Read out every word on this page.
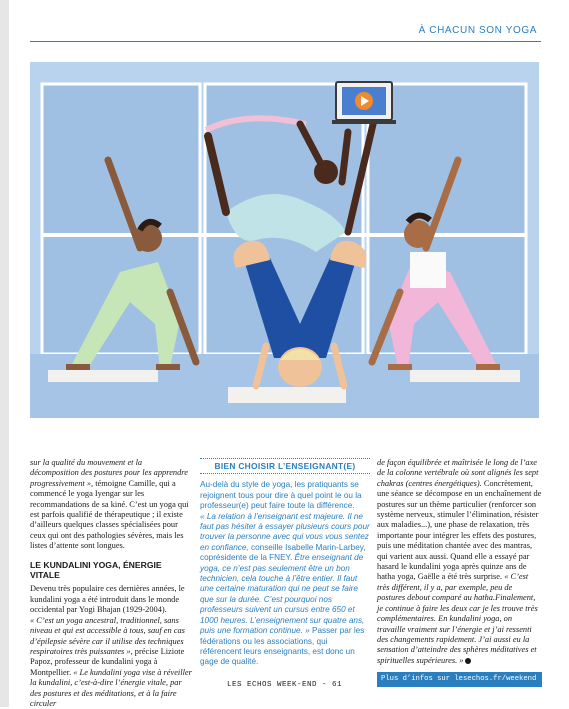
À CHACUN SON YOGA

sur la qualité du mouvement et la décomposition des postures pour les apprendre progressivement », témoigne Camille, qui a commencé le yoga Iyengar sur les recommandations de sa kiné. C’est un yoga qui est parfois qualifié de thérapeutique ; il existe d’ailleurs quelques classes spécialisées pour ceux qui ont des pathologies sévères, mais les listes d’attente sont longues.

LE KUNDALINI YOGA, ÉNERGIE VITALE

Devenu très populaire ces dernières années, le kundalini yoga a été introduit dans le monde occidental par Yogi Bhajan (1929-2004).

« C’est un yoga ancestral, traditionnel, sans niveau et qui est accessible à tous, sauf en cas d’épilepsie sévère car il utilise des techniques respiratoires très puissantes », précise Liziote Papoz, professeur de kundalini yoga à Montpellier. « Le kundalini yoga vise à réveiller la kundalini, c’est-à-dire l’énergie vitale, par des postures et des méditations, et à la faire circuler

BIEN CHOISIR L’ENSEIGNANT(E)

Au-delà du style de yoga, les pratiquants se rejoignent tous pour dire à quel point le ou la professeur(e) peut faire toute la différence.

« La relation à l’enseignant est majeure. Il ne faut pas hésiter à essayer plusieurs cours pour trouver la personne avec qui vous vous sentez en confiance, conseille Isabelle Marin-Larbey, coprésidente de la FNEY. Être enseignant de yoga, ce n’est pas seulement être un bon technicien, cela touche à l’être entier. Il faut une certaine maturation qui ne peut se faire que sur la durée. C’est pourquoi nos professeurs suivent un cursus entre 650 et 1000 heures. L’enseignement sur quatre ans, puis une formation continue. » Passer par les fédérations ou les associations, qui référencent leurs enseignants, est donc un gage de qualité.

de façon équilibrée et maîtrisée le long de l’axe de la colonne vertébrale où sont alignés les sept chakras (centres énergétiques). Concrètement, une séance se décompose en un enchaînement de postures sur un thème particulier (renforcer son système nerveux, stimuler l’élimination, résister aux maladies...), une phase de relaxation, très importante pour intégrer les effets des postures, puis une méditation chantée avec des mantras, qui varient aux aussi. Quand elle a essayé par hasard le kundalini yoga après quinze ans de hatha yoga, Gaëlle a été très surprise. « C’est très différent, il y a, par exemple, peu de postures debout comparé au hatha.Finalement, je continue à faire les deux car je les trouve très complémentaires. En kundalini yoga, on travaille vraiment sur l’énergie et j’ai ressenti des changements rapidement. J’ai aussi eu la sensation d’atteindre des sphères méditatives et spirituelles supérieures. »

Plus d’infos sur lesechos.fr/weekend
LES ECHOS WEEK-END - 61
